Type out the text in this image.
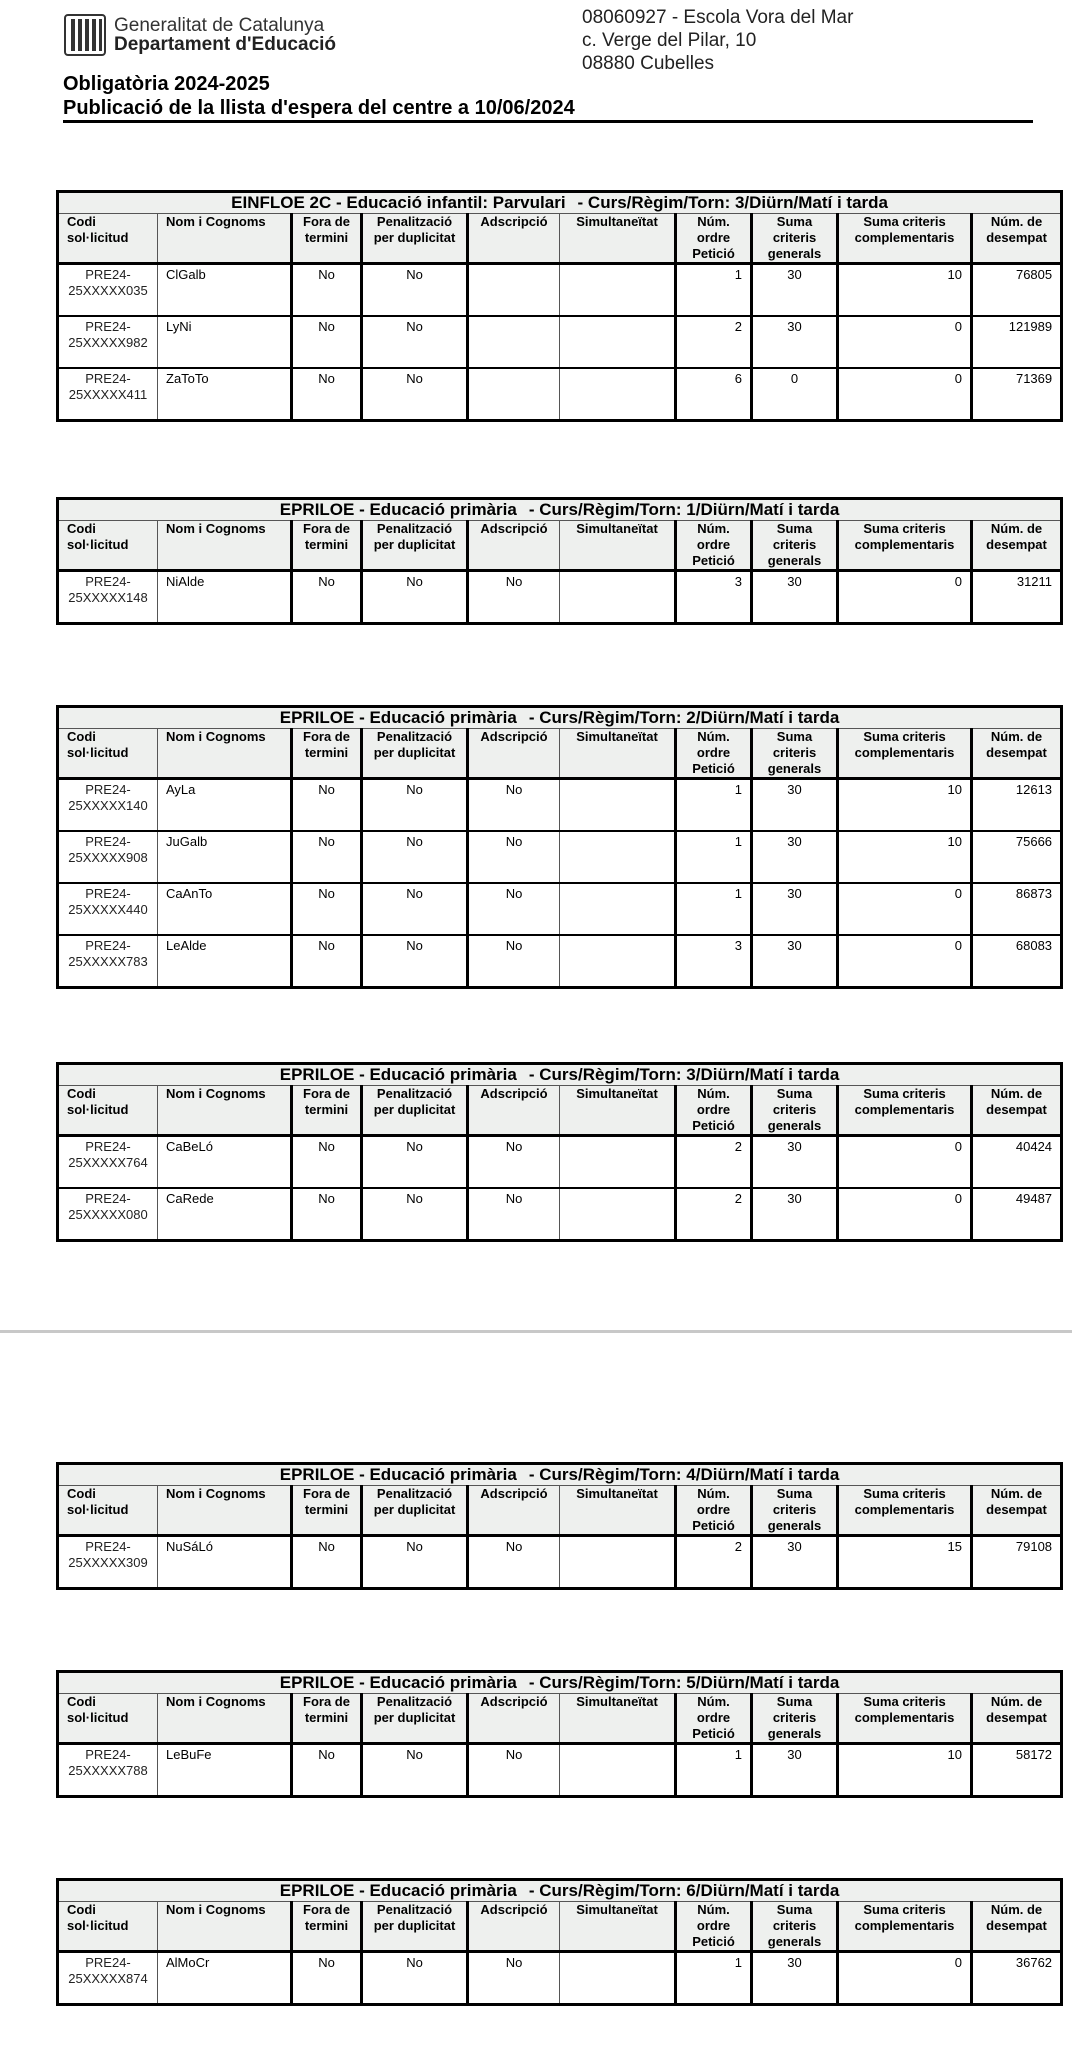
Generalitat de Catalunya
Departament d'Educació
08060927 - Escola Vora del Mar
c. Verge del Pilar, 10
08880 Cubelles
Obligatòria 2024-2025
Publicació de la llista d'espera del centre a 10/06/2024
EINFLOE 2C - Educació infantil: Parvulari - Curs/Règim/Torn: 3/Diürn/Matí i tarda									
Codi sol·licitud	Nom i Cognoms	Fora de termini	Penalització per duplicitat	Adscripció	Simultaneïtat	Núm. ordre Petició	Suma criteris generals	Suma criteris complementaris	Núm. de desempat
PRE24-25XXXXX035	ClGalb	No	No			1	30	10	76805
PRE24-25XXXXX982	LyNi	No	No			2	30	0	121989
PRE24-25XXXXX411	ZaToTo	No	No			6	0	0	71369
EPRILOE - Educació primària - Curs/Règim/Torn: 1/Diürn/Matí i tarda									
Codi sol·licitud	Nom i Cognoms	Fora de termini	Penalització per duplicitat	Adscripció	Simultaneïtat	Núm. ordre Petició	Suma criteris generals	Suma criteris complementaris	Núm. de desempat
PRE24-25XXXXX148	NiAlde	No	No	No		3	30	0	31211
EPRILOE - Educació primària - Curs/Règim/Torn: 2/Diürn/Matí i tarda									
Codi sol·licitud	Nom i Cognoms	Fora de termini	Penalització per duplicitat	Adscripció	Simultaneïtat	Núm. ordre Petició	Suma criteris generals	Suma criteris complementaris	Núm. de desempat
PRE24-25XXXXX140	AyLa	No	No	No		1	30	10	12613
PRE24-25XXXXX908	JuGalb	No	No	No		1	30	10	75666
PRE24-25XXXXX440	CaAnTo	No	No	No		1	30	0	86873
PRE24-25XXXXX783	LeAlde	No	No	No		3	30	0	68083
EPRILOE - Educació primària - Curs/Règim/Torn: 3/Diürn/Matí i tarda									
Codi sol·licitud	Nom i Cognoms	Fora de termini	Penalització per duplicitat	Adscripció	Simultaneïtat	Núm. ordre Petició	Suma criteris generals	Suma criteris complementaris	Núm. de desempat
PRE24-25XXXXX764	CaBeLó	No	No	No		2	30	0	40424
PRE24-25XXXXX080	CaRede	No	No	No		2	30	0	49487
EPRILOE - Educació primària - Curs/Règim/Torn: 4/Diürn/Matí i tarda									
Codi sol·licitud	Nom i Cognoms	Fora de termini	Penalització per duplicitat	Adscripció	Simultaneïtat	Núm. ordre Petició	Suma criteris generals	Suma criteris complementaris	Núm. de desempat
PRE24-25XXXXX309	NuSáLó	No	No	No		2	30	15	79108
EPRILOE - Educació primària - Curs/Règim/Torn: 5/Diürn/Matí i tarda									
Codi sol·licitud	Nom i Cognoms	Fora de termini	Penalització per duplicitat	Adscripció	Simultaneïtat	Núm. ordre Petició	Suma criteris generals	Suma criteris complementaris	Núm. de desempat
PRE24-25XXXXX788	LeBuFe	No	No	No		1	30	10	58172
EPRILOE - Educació primària - Curs/Règim/Torn: 6/Diürn/Matí i tarda									
Codi sol·licitud	Nom i Cognoms	Fora de termini	Penalització per duplicitat	Adscripció	Simultaneïtat	Núm. ordre Petició	Suma criteris generals	Suma criteris complementaris	Núm. de desempat
PRE24-25XXXXX874	AlMoCr	No	No	No		1	30	0	36762
